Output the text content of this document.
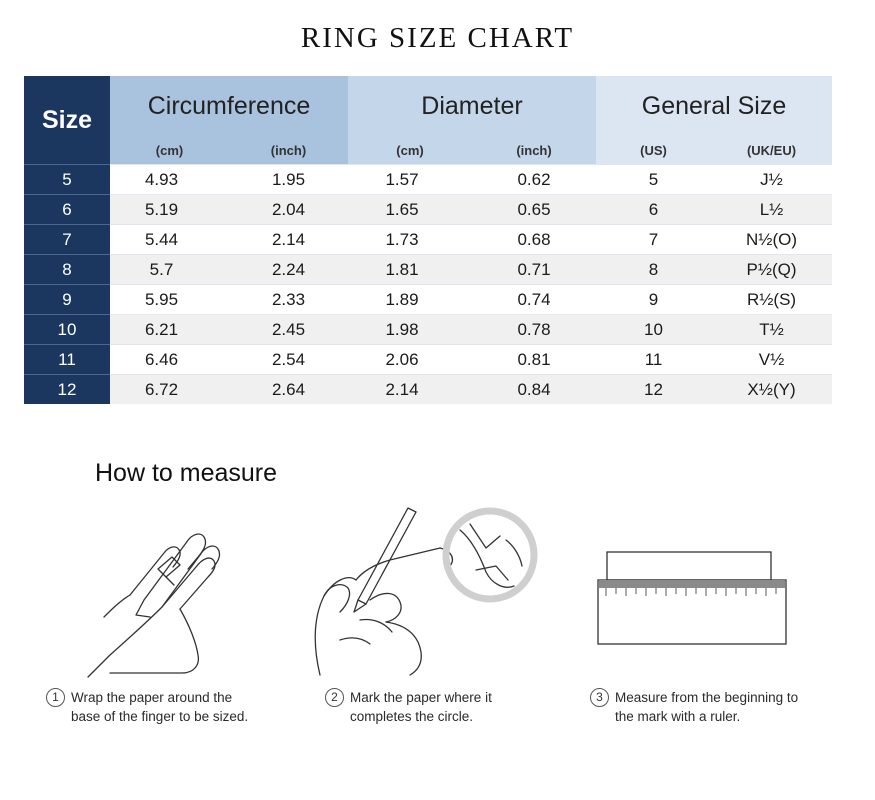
RING SIZE CHART
Size	Circumference		Diameter		General Size	
	(cm)	(inch)	(cm)	(inch)	(US)	(UK/EU)
5	4.93	1.95	1.57	0.62	5	J½
6	5.19	2.04	1.65	0.65	6	L½
7	5.44	2.14	1.73	0.68	7	N½(O)
8	5.7	2.24	1.81	0.71	8	P½(Q)
9	5.95	2.33	1.89	0.74	9	R½(S)
10	6.21	2.45	1.98	0.78	10	T½
11	6.46	2.54	2.06	0.81	11	V½
12	6.72	2.64	2.14	0.84	12	X½(Y)
How to measure
1 Wrap the paper around the
base of the finger to be sized.
2 Mark the paper where it
completes the circle.
3 Measure from the beginning to
the mark with a ruler.
